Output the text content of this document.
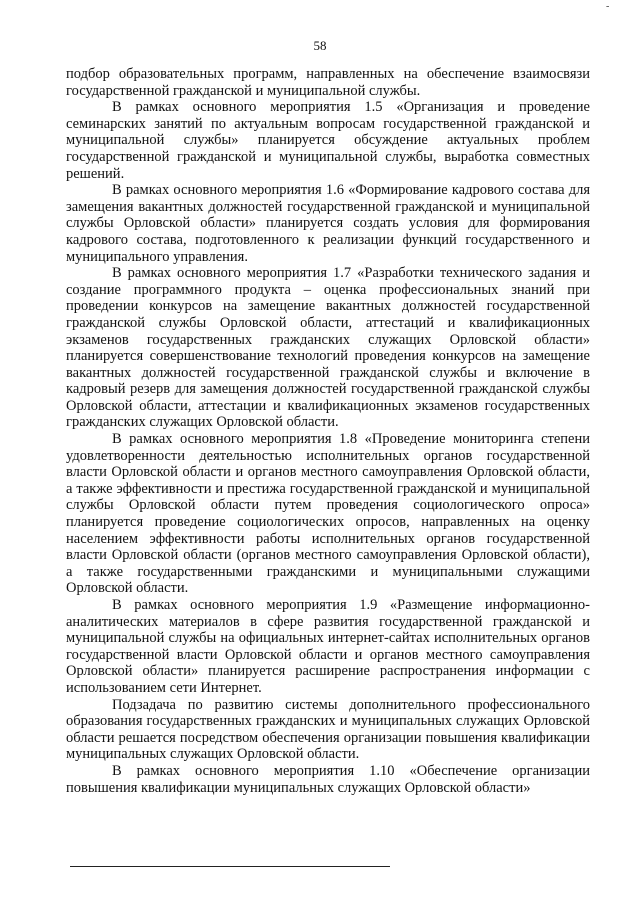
-
58

подбор образовательных программ, направленных на обеспечение взаимосвязи государственной гражданской и муниципальной службы.

В рамках основного мероприятия 1.5 «Организация и проведение семинарских занятий по актуальным вопросам государственной гражданской и муниципальной службы» планируется обсуждение актуальных проблем государственной гражданской и муниципальной службы, выработка совместных решений.

В рамках основного мероприятия 1.6 «Формирование кадрового состава для замещения вакантных должностей государственной гражданской и муниципальной службы Орловской области» планируется создать условия для формирования кадрового состава, подготовленного к реализации функций государственного и муниципального управления.

В рамках основного мероприятия 1.7 «Разработки технического задания и создание программного продукта – оценка профессиональных знаний при проведении конкурсов на замещение вакантных должностей государственной гражданской службы Орловской области, аттестаций и квалификационных экзаменов государственных гражданских служащих Орловской области» планируется совершенствование технологий проведения конкурсов на замещение вакантных должностей государственной гражданской службы и включение в кадровый резерв для замещения должностей государственной гражданской службы Орловской области, аттестации и квалификационных экзаменов государственных гражданских служащих Орловской области.

В рамках основного мероприятия 1.8 «Проведение мониторинга степени удовлетворенности деятельностью исполнительных органов государственной власти Орловской области и органов местного самоуправления Орловской области, а также эффективности и престижа государственной гражданской и муниципальной службы Орловской области путем проведения социологического опроса» планируется проведение социологических опросов, направленных на оценку населением эффективности работы исполнительных органов государственной власти Орловской области (органов местного самоуправления Орловской области), а также государственными гражданскими и муниципальными служащими Орловской области.

В рамках основного мероприятия 1.9 «Размещение информационно-аналитических материалов в сфере развития государственной гражданской и муниципальной службы на официальных интернет-сайтах исполнительных органов государственной власти Орловской области и органов местного самоуправления Орловской области» планируется расширение распространения информации с использованием сети Интернет.

Подзадача по развитию системы дополнительного профессионального образования государственных гражданских и муниципальных служащих Орловской области решается посредством обеспечения организации повышения квалификации муниципальных служащих Орловской области.

В рамках основного мероприятия 1.10 «Обеспечение организации повышения квалификации муниципальных служащих Орловской области»
